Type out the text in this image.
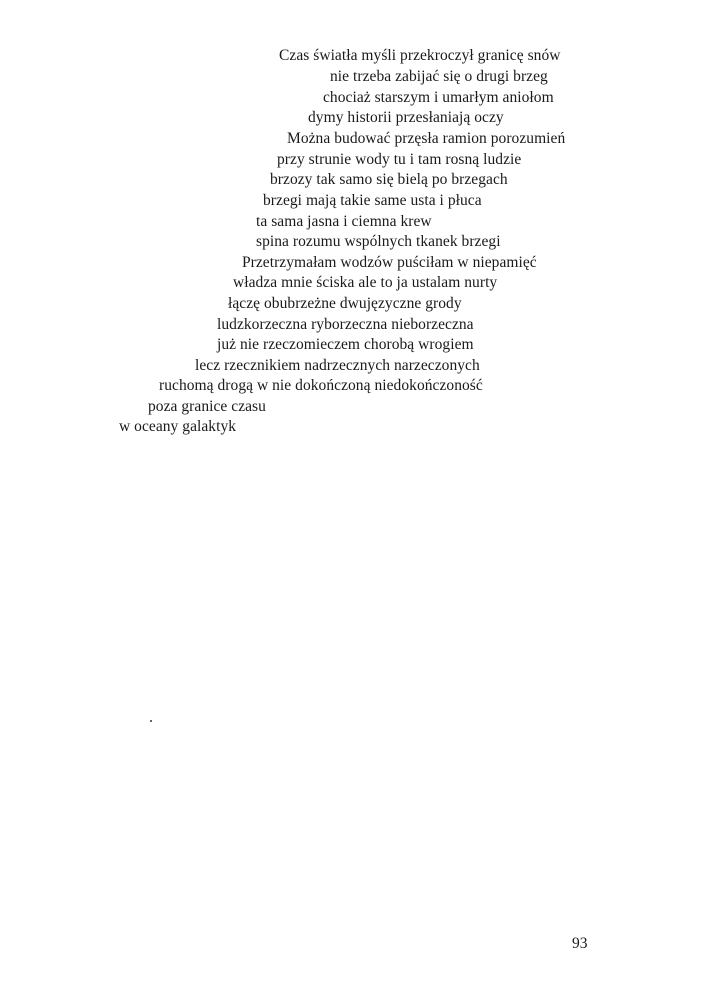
Czas światła myśli przekroczył granicę snów
nie trzeba zabijać się o drugi brzeg
chociaż starszym i umarłym aniołom
dymy historii przesłaniają oczy
Można budować przęsła ramion porozumień
przy strunie wody tu i tam rosną ludzie
brzozy tak samo się bielą po brzegach
brzegi mają takie same usta i płuca
ta sama jasna i ciemna krew
spina rozumu wspólnych tkanek brzegi
Przetrzymałam wodzów puściłam w niepamięć
władza mnie ściska ale to ja ustalam nurty
łączę obubrzeżne dwujęzyczne grody
ludzkorzeczna ryborzeczna nieborzeczna
już nie rzeczomieczem chorobą wrogiem
lecz rzecznikiem nadrzecznych narzeczonych
ruchomą drogą w nie dokończoną niedokończoność
poza granice czasu
w oceany galaktyk
93
